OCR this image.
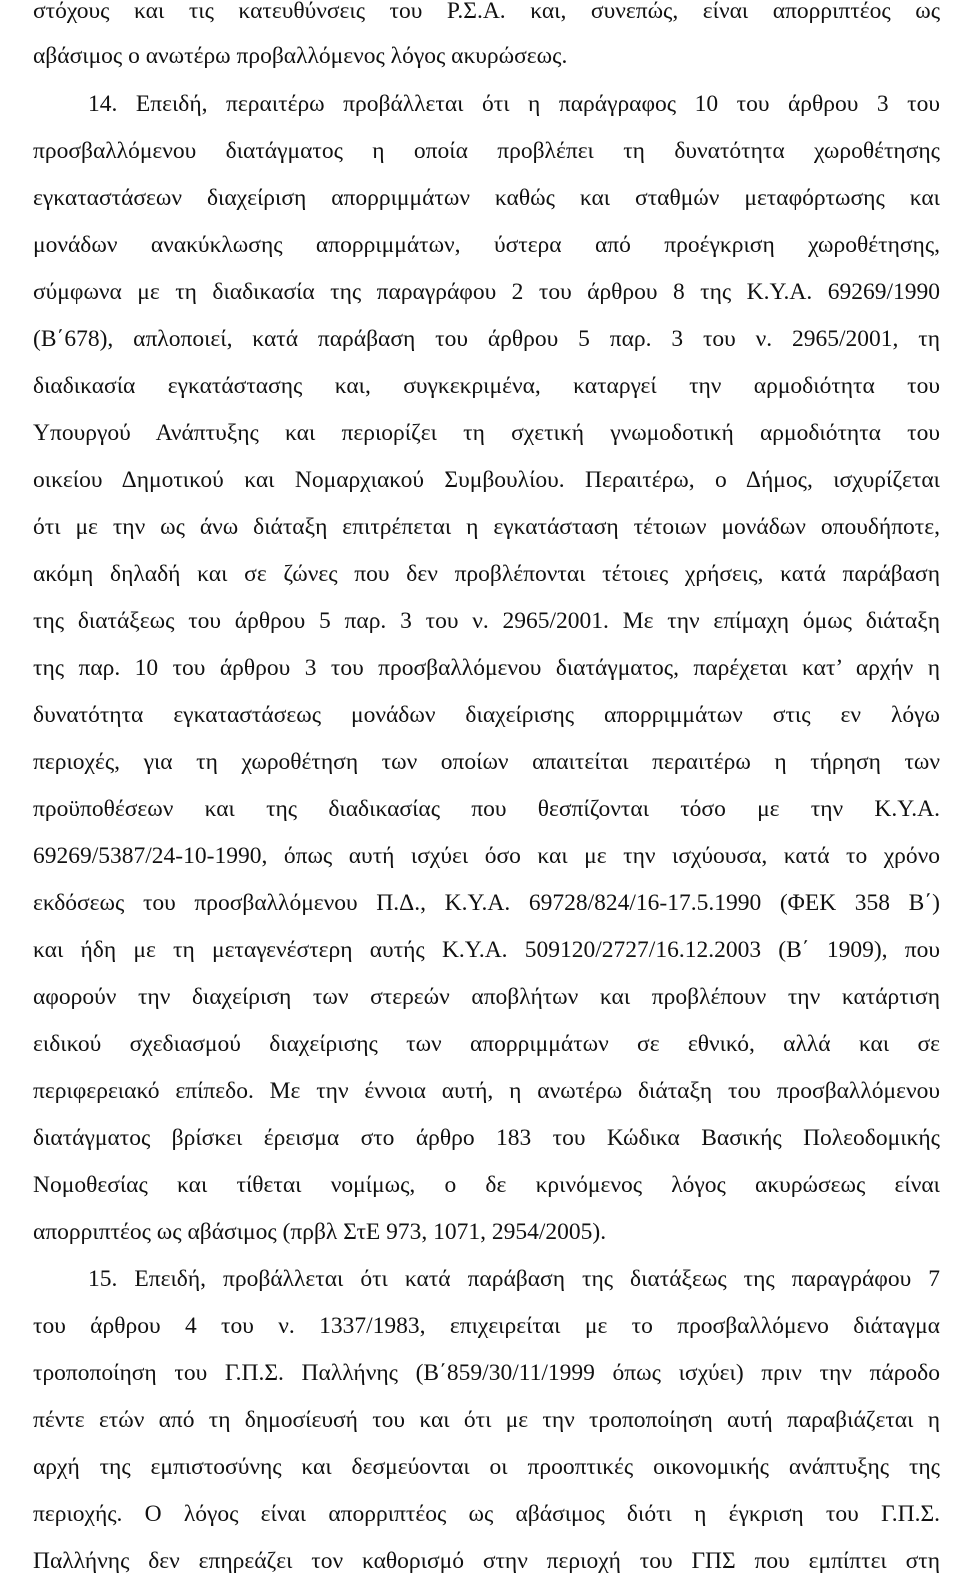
στόχους και τις κατευθύνσεις του Ρ.Σ.Α. και, συνεπώς, είναι απορριπτέος ως
αβάσιμος ο ανωτέρω προβαλλόμενος λόγος ακυρώσεως.
14. Επειδή, περαιτέρω προβάλλεται ότι η παράγραφος 10 του άρθρου 3 του
προσβαλλόμενου διατάγματος η οποία προβλέπει τη δυνατότητα χωροθέτησης
εγκαταστάσεων διαχείριση απορριμμάτων καθώς και σταθμών μεταφόρτωσης και
μονάδων ανακύκλωσης απορριμμάτων, ύστερα από προέγκριση χωροθέτησης,
σύμφωνα με τη διαδικασία της παραγράφου 2 του άρθρου 8 της Κ.Υ.Α. 69269/1990
(Β΄678), απλοποιεί, κατά παράβαση του άρθρου 5 παρ. 3 του ν. 2965/2001, τη
διαδικασία εγκατάστασης και, συγκεκριμένα, καταργεί την αρμοδιότητα του
Υπουργού Ανάπτυξης και περιορίζει τη σχετική γνωμοδοτική αρμοδιότητα του
οικείου Δημοτικού και Νομαρχιακού Συμβουλίου. Περαιτέρω, ο Δήμος, ισχυρίζεται
ότι με την ως άνω διάταξη επιτρέπεται η εγκατάσταση τέτοιων μονάδων οπουδήποτε,
ακόμη δηλαδή και σε ζώνες που δεν προβλέπονται τέτοιες χρήσεις, κατά παράβαση
της διατάξεως του άρθρου 5 παρ. 3 του ν. 2965/2001. Με την επίμαχη όμως διάταξη
της παρ. 10 του άρθρου 3 του προσβαλλόμενου διατάγματος, παρέχεται κατ’ αρχήν η
δυνατότητα εγκαταστάσεως μονάδων διαχείρισης απορριμμάτων στις εν λόγω
περιοχές, για τη χωροθέτηση των οποίων απαιτείται περαιτέρω η τήρηση των
προϋποθέσεων και της διαδικασίας που θεσπίζονται τόσο με την Κ.Υ.Α.
69269/5387/24-10-1990, όπως αυτή ισχύει όσο και με την ισχύουσα, κατά το χρόνο
εκδόσεως του προσβαλλόμενου Π.Δ., Κ.Υ.Α. 69728/824/16-17.5.1990 (ΦΕΚ 358 Β΄)
και ήδη με τη μεταγενέστερη αυτής Κ.Υ.Α. 509120/2727/16.12.2003 (Β΄ 1909), που
αφορούν την διαχείριση των στερεών αποβλήτων και προβλέπουν την κατάρτιση
ειδικού σχεδιασμού διαχείρισης των απορριμμάτων σε εθνικό, αλλά και σε
περιφερειακό επίπεδο. Με την έννοια αυτή, η ανωτέρω διάταξη του προσβαλλόμενου
διατάγματος βρίσκει έρεισμα στο άρθρο 183 του Κώδικα Βασικής Πολεοδομικής
Νομοθεσίας και τίθεται νομίμως, ο δε κρινόμενος λόγος ακυρώσεως είναι
απορριπτέος ως αβάσιμος (πρβλ ΣτΕ 973, 1071, 2954/2005).
15. Επειδή, προβάλλεται ότι κατά παράβαση της διατάξεως της παραγράφου 7
του άρθρου 4 του ν. 1337/1983, επιχειρείται με το προσβαλλόμενο διάταγμα
τροποποίηση του Γ.Π.Σ. Παλλήνης (Β΄859/30/11/1999 όπως ισχύει) πριν την πάροδο
πέντε ετών από τη δημοσίευσή του και ότι με την τροποποίηση αυτή παραβιάζεται η
αρχή της εμπιστοσύνης και δεσμεύονται οι προοπτικές οικονομικής ανάπτυξης της
περιοχής. Ο λόγος είναι απορριπτέος ως αβάσιμος διότι η έγκριση του Γ.Π.Σ.
Παλλήνης δεν επηρεάζει τον καθορισμό στην περιοχή του ΓΠΣ που εμπίπτει στη
